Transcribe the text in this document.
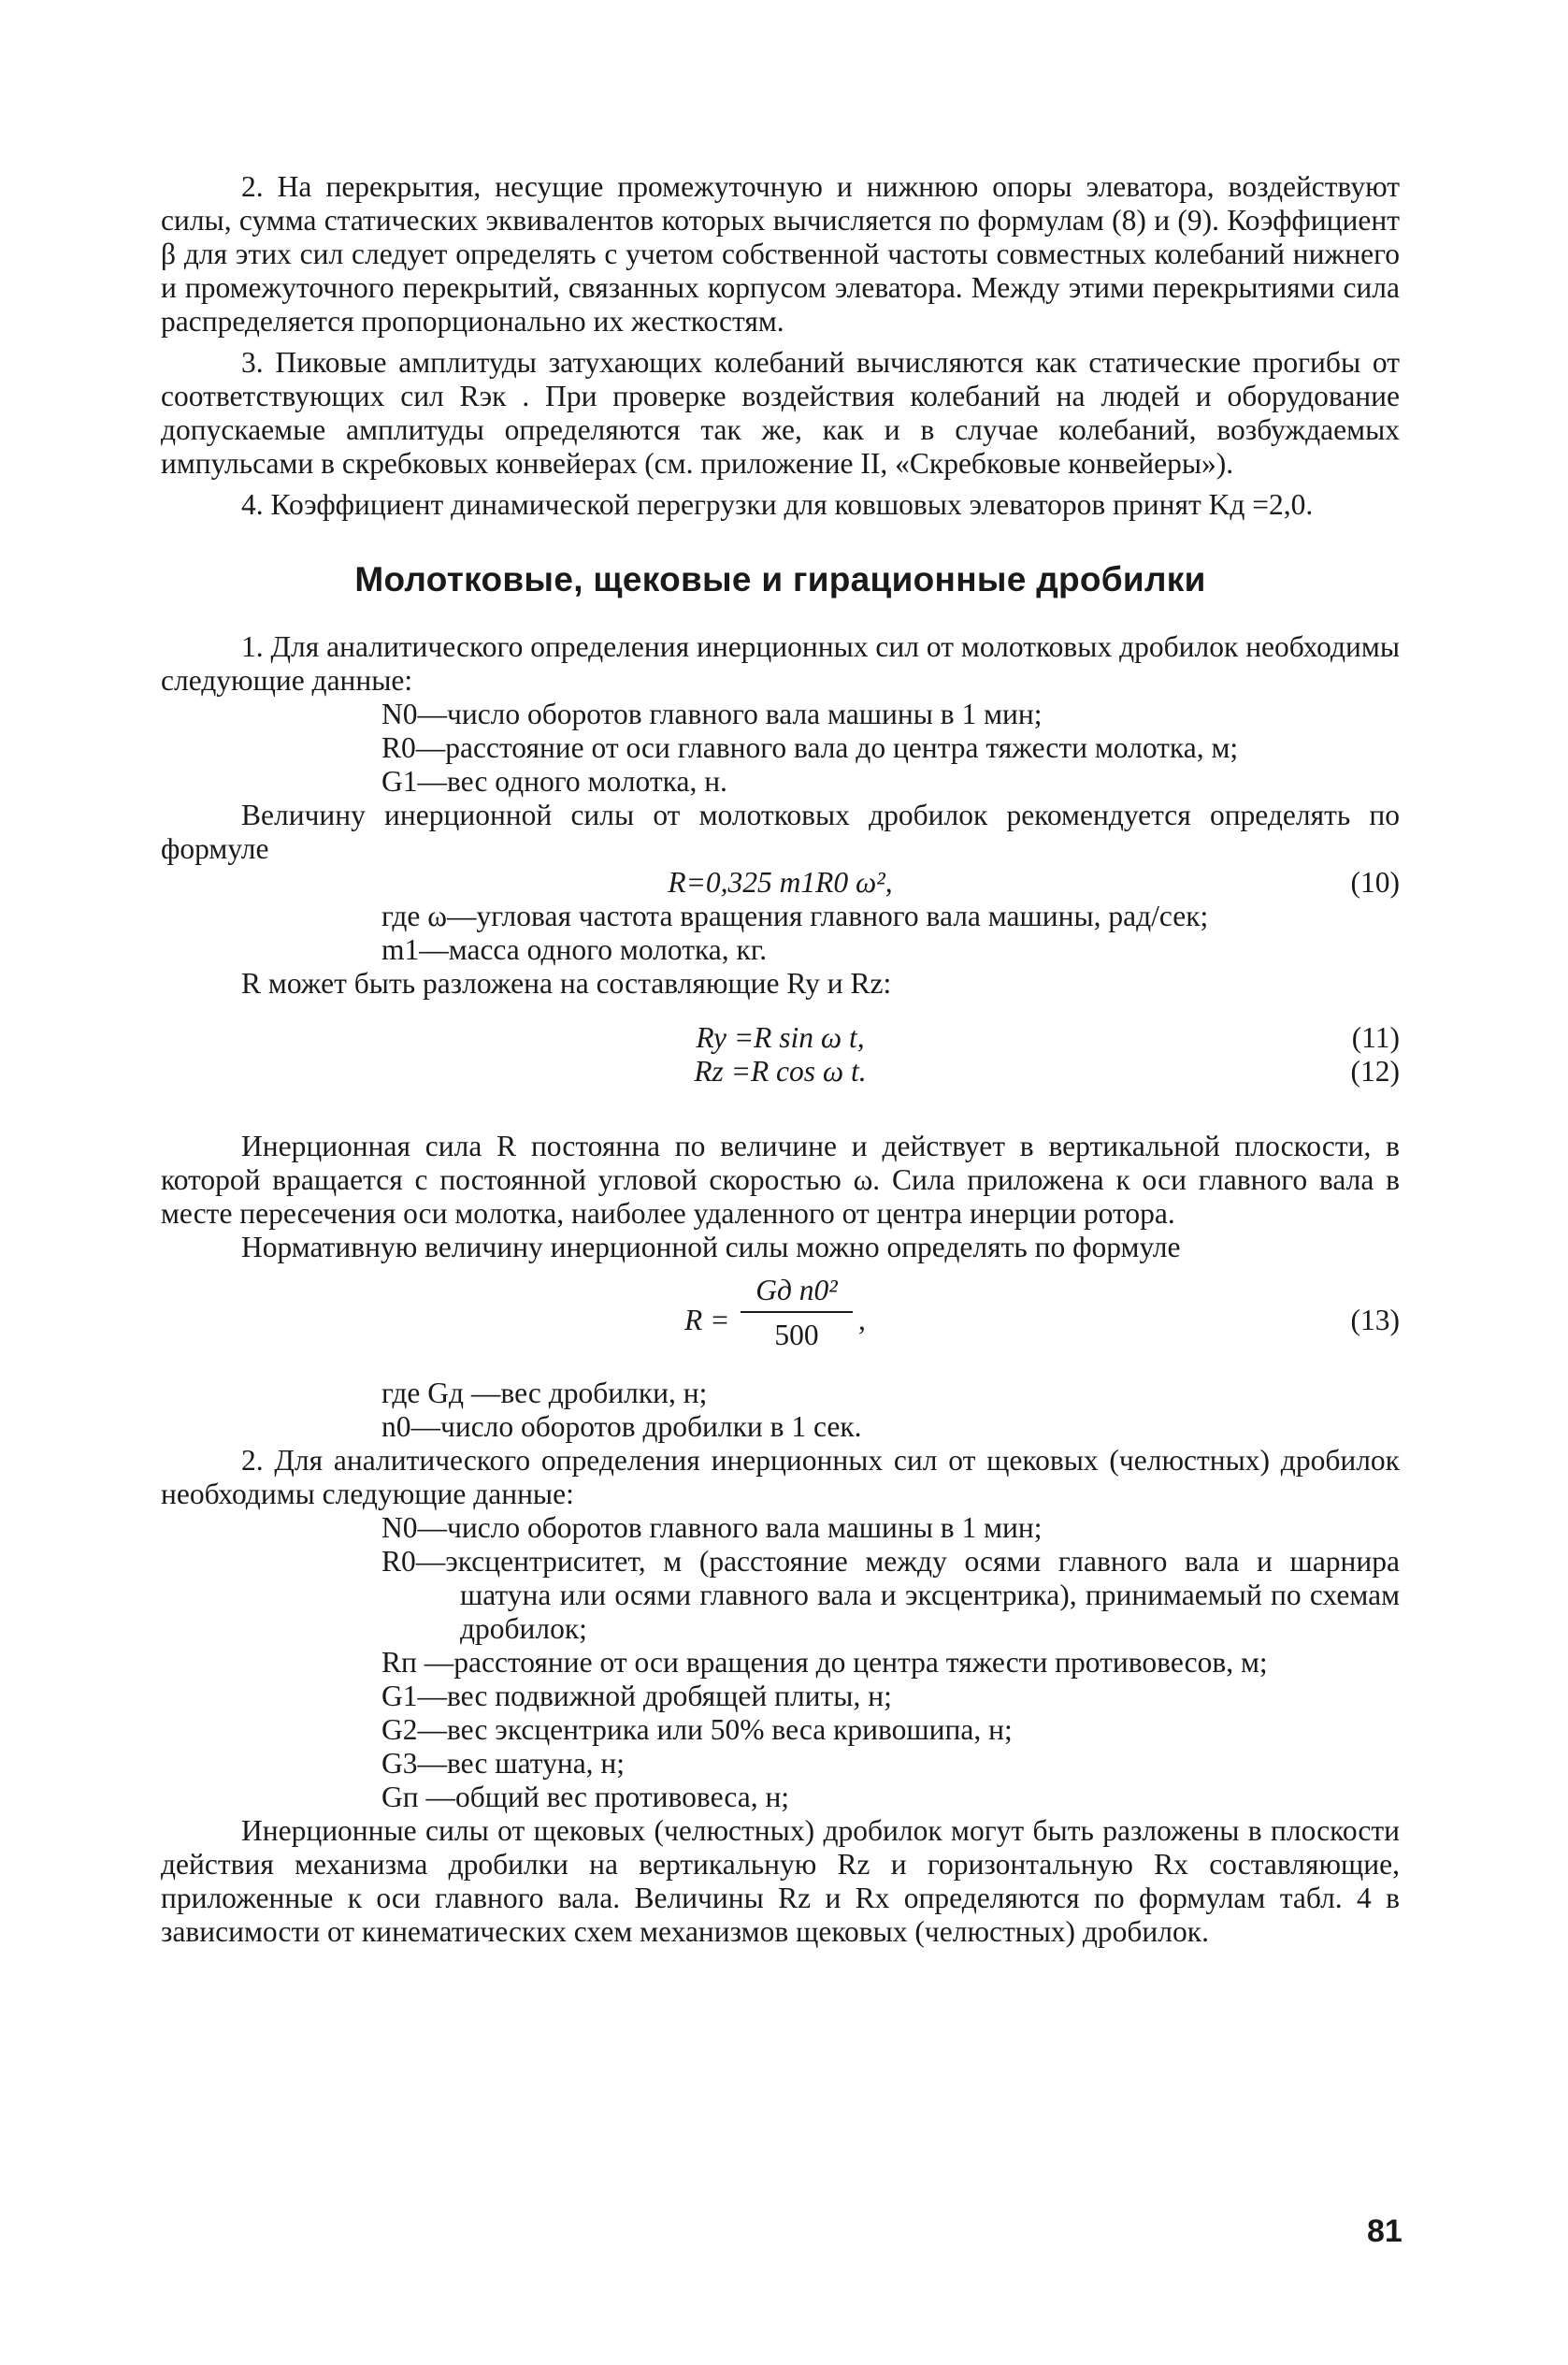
2. На перекрытия, несущие промежуточную и нижнюю опоры элеватора, воздействуют силы, сумма статических эквивалентов которых вычисляется по формулам (8) и (9). Коэффициент β для этих сил следует определять с учетом собственной частоты совместных колебаний нижнего и промежуточного перекрытий, связанных корпусом элеватора. Между этими перекрытиями сила распределяется пропорционально их жесткостям.

3. Пиковые амплитуды затухающих колебаний вычисляются как статические прогибы от соответствующих сил Rэк . При проверке воздействия колебаний на людей и оборудование допускаемые амплитуды определяются так же, как и в случае колебаний, возбуждаемых импульсами в скребковых конвейерах (см. приложение II, «Скребковые конвейеры»).

4. Коэффициент динамической перегрузки для ковшовых элеваторов принят Kд =2,0.

Молотковые, щековые и гирационные дробилки

1. Для аналитического определения инерционных сил от молотковых дробилок необходимы следующие данные:

N0—число оборотов главного вала машины в 1 мин;

R0—расстояние от оси главного вала до центра тяжести молотка, м;

G1—вес одного молотка, н.

Величину инерционной силы от молотковых дробилок рекомендуется определять по формуле

R=0,325 m1R0 ω²,	(10)

где ω—угловая частота вращения главного вала машины, рад/сек;

m1—масса одного молотка, кг.

R может быть разложена на составляющие Ry и Rz:

Ry =R sin ω t,	(11)
Rz =R cos ω t.	(12)

Инерционная сила R постоянна по величине и действует в вертикальной плоскости, в которой вращается с постоянной угловой скоростью ω. Сила приложена к оси главного вала в месте пересечения оси молотка, наиболее удаленного от центра инерции ротора.

Нормативную величину инерционной силы можно определять по формуле

R =
Gд n0²
500	,	(13)

где Gд —вес дробилки, н;

n0—число оборотов дробилки в 1 сек.

2. Для аналитического определения инерционных сил от щековых (челюстных) дробилок необходимы следующие данные:

N0—число оборотов главного вала машины в 1 мин;

R0—эксцентриситет, м (расстояние между осями главного вала и шарнира шатуна или осями главного вала и эксцентрика), принимаемый по схемам дробилок;

Rп —расстояние от оси вращения до центра тяжести противовесов, м;

G1—вес подвижной дробящей плиты, н;

G2—вес эксцентрика или 50% веса кривошипа, н;

G3—вес шатуна, н;

Gп —общий вес противовеса, н;

Инерционные силы от щековых (челюстных) дробилок могут быть разложены в плоскости действия механизма дробилки на вертикальную Rz и горизонтальную Rx составляющие, приложенные к оси главного вала. Величины Rz и Rx определяются по формулам табл. 4 в зависимости от кинематических схем механизмов щековых (челюстных) дробилок.

81
